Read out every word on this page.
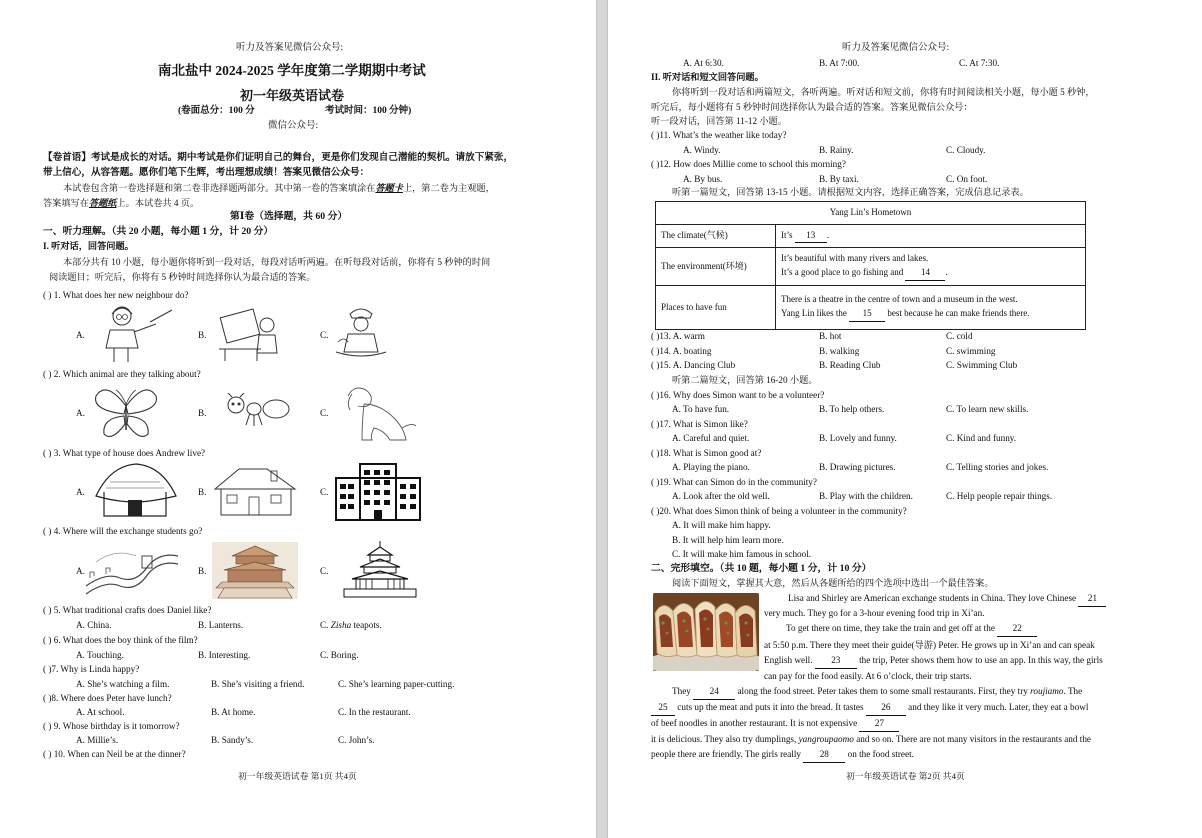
听力及答案见微信公众号:
南北盐中 2024-2025 学年度第二学期期中考试
初一年级英语试卷
(卷面总分：100 分	考试时间：100 分钟)
微信公众号:
【卷首语】考试是成长的对话。期中考试是你们证明自己的舞台，更是你们发现自己潜能的契机。请放下紧张，
带上信心，从容答题。愿你们笔下生辉，考出理想成绩！答案见微信公众号：
本试卷包含第一卷选择题和第二卷非选择题两部分。其中第一卷的答案填涂在答题卡上，第二卷为主观题，
答案填写在答题纸上。本试卷共 4 页。
第Ⅰ卷（选择题，共 60 分）
一、听力理解。（共 20 小题，每小题 1 分，计 20 分）
I. 听对话，回答问题。
本部分共有 10 小题，每小题你将听到一段对话，每段对话听两遍。在听每段对话前，你将有 5 秒钟的时间
阅读题目；听完后，你将有 5 秒钟时间选择你认为最合适的答案。
( ) 1. What does her new neighbour do?
A.	B.	C.
( ) 2. Which animal are they talking about?
A.	B.	C.
( ) 3. What type of house does Andrew live?
A.	B.	C.
( ) 4. Where will the exchange students go?
A.	B.	C.
( ) 5. What traditional crafts does Daniel like?
A. China.	B. Lanterns.	C. Zisha teapots.
( ) 6. What does the boy think of the film?
A. Touching.	B. Interesting.	C. Boring.
( )7. Why is Linda happy?
A. She’s watching a film.	B. She’s visiting a friend.	C. She’s learning paper-cutting.
( )8. Where does Peter have lunch?
A. At school.	B. At home.	C. In the restaurant.
( ) 9. Whose birthday is it tomorrow?
A. Millie’s.	B. Sandy’s.	C. John’s.
( ) 10. When can Neil be at the dinner?
初一年级英语试卷 第1页 共4页
听力及答案见微信公众号:
A. At 6:30.	B. At 7:00.	C. At 7:30.
II. 听对话和短文回答问题。
你将听到一段对话和两篇短文，各听两遍。听对话和短文前，你将有时间阅读相关小题，每小题 5 秒钟，
听完后，每小题将有 5 秒钟时间选择你认为最合适的答案。答案见微信公众号：
听一段对话，回答第 11-12 小题。
( )11. What’s the weather like today?
A. Windy.	B. Rainy.	C. Cloudy.
( )12. How does Millie come to school this morning?
A. By bus.	B. By taxi.	C. On foot.
听第一篇短文，回答第 13-15 小题。请根据短文内容，选择正确答案，完成信息记录表。
Yang Lin’s Hometown	
The climate(气候)	It’s 13 .
The environment(环境)	It’s beautiful with many rivers and lakes.
It’s a good place to go fishing and 14 .

Places to have fun	There is a theatre in the centre of town and a museum in the west.
Yang Lin likes the 15 best because he can make friends there.
( )13. A. warm	B. hot	C. cold
( )14. A. boating	B. walking	C. swimming
( )15. A. Dancing Club	B. Reading Club	C. Swimming Club
听第二篇短文，回答第 16-20 小题。
( )16. Why does Simon want to be a volunteer?
A. To have fun.	B. To help others.	C. To learn new skills.
( )17. What is Simon like?
A. Careful and quiet.	B. Lovely and funny.	C. Kind and funny.
( )18. What is Simon good at?
A. Playing the piano.	B. Drawing pictures.	C. Telling stories and jokes.
( )19. What can Simon do in the community?
A. Look after the old well.	B. Play with the children.	C. Help people repair things.
( )20. What does Simon think of being a volunteer in the community?
A. It will make him happy.
B. It will help him learn more.
C. It will make him famous in school.
二、完形填空。（共 10 题，每小题 1 分，计 10 分）
阅读下面短文，掌握其大意，然后从各题所给的四个选项中选出一个最佳答案。
Lisa and Shirley are American exchange students in China. They love Chinese 21
very much. They go for a 3-hour evening food trip in Xi’an.
To get there on time, they take the train and get off at the 22
at 5:50 p.m. There they meet their guide(导游) Peter. He grows up in Xi’an and can speak
English well. 23 the trip, Peter shows them how to use an app. In this way, the girls
can pay for the food easily. At 6 o’clock, their trip starts.
They 24 along the food street. Peter takes them to some small restaurants. First, they try roujiamo. The
25 cuts up the meat and puts it into the bread. It tastes 26 and they like it very much. Later, they eat a bowl
of beef noodles in another restaurant. It is not expensive 27
it is delicious. They also try dumplings, yangroupaomo and so on. There are not many visitors in the restaurants and the
people there are friendly. The girls really 28 on the food street.
初一年级英语试卷 第2页 共4页
